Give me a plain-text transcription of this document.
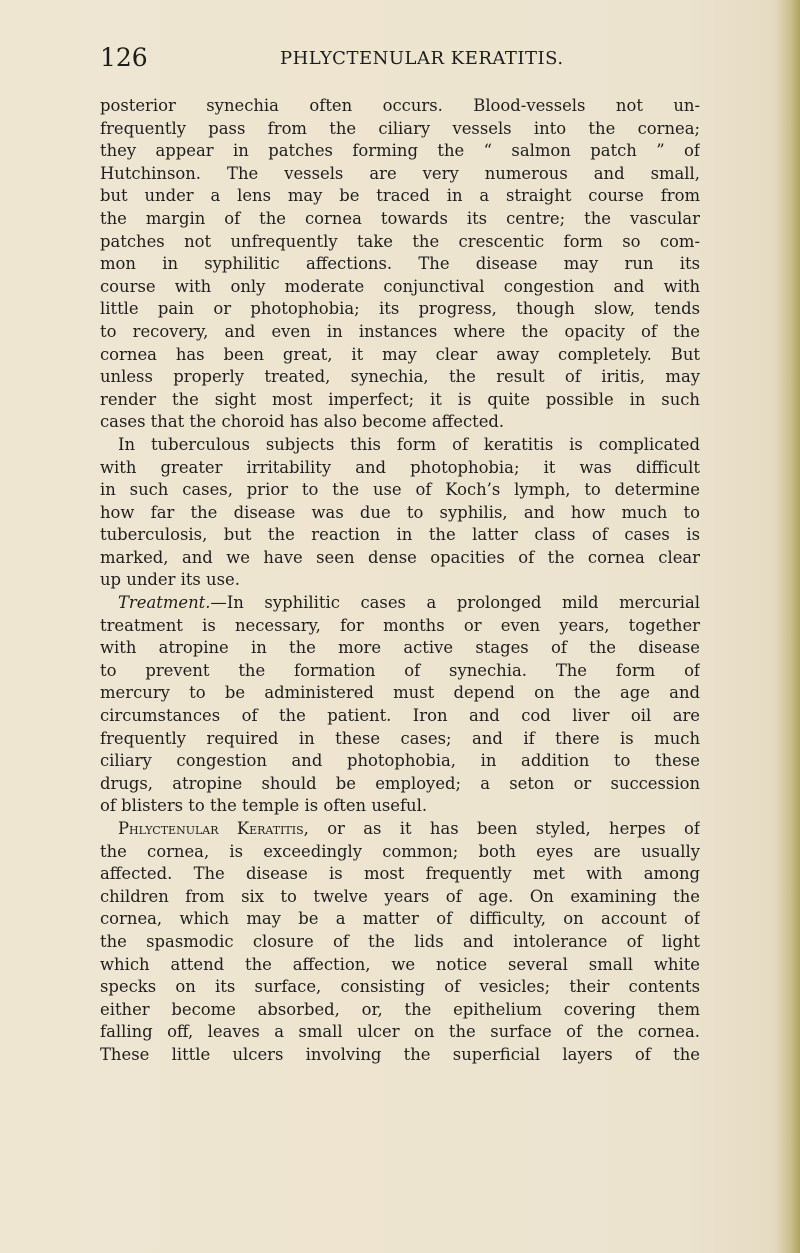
126	PHLYCTENULAR KERATITIS.
posterior synechia often occurs. Blood-vessels not un-
frequently pass from the ciliary vessels into the cornea;
they appear in patches forming the “ salmon patch ” of
Hutchinson. The vessels are very numerous and small,
but under a lens may be traced in a straight course from
the margin of the cornea towards its centre; the vascular
patches not unfrequently take the crescentic form so com-
mon in syphilitic affections. The disease may run its
course with only moderate conjunctival congestion and with
little pain or photophobia; its progress, though slow, tends
to recovery, and even in instances where the opacity of the
cornea has been great, it may clear away completely. But
unless properly treated, synechia, the result of iritis, may
render the sight most imperfect; it is quite possible in such
cases that the choroid has also become affected.
In tuberculous subjects this form of keratitis is complicated
with greater irritability and photophobia; it was difficult
in such cases, prior to the use of Koch’s lymph, to determine
how far the disease was due to syphilis, and how much to
tuberculosis, but the reaction in the latter class of cases is
marked, and we have seen dense opacities of the cornea clear
up under its use.
Treatment.—In syphilitic cases a prolonged mild mercurial
treatment is necessary, for months or even years, together
with atropine in the more active stages of the disease
to prevent the formation of synechia. The form of
mercury to be administered must depend on the age and
circumstances of the patient. Iron and cod liver oil are
frequently required in these cases; and if there is much
ciliary congestion and photophobia, in addition to these
drugs, atropine should be employed; a seton or succession
of blisters to the temple is often useful.
Phlyctenular Keratitis, or as it has been styled, herpes of
the cornea, is exceedingly common; both eyes are usually
affected. The disease is most frequently met with among
children from six to twelve years of age. On examining the
cornea, which may be a matter of difficulty, on account of
the spasmodic closure of the lids and intolerance of light
which attend the affection, we notice several small white
specks on its surface, consisting of vesicles; their contents
either become absorbed, or, the epithelium covering them
falling off, leaves a small ulcer on the surface of the cornea.
These little ulcers involving the superficial layers of the
